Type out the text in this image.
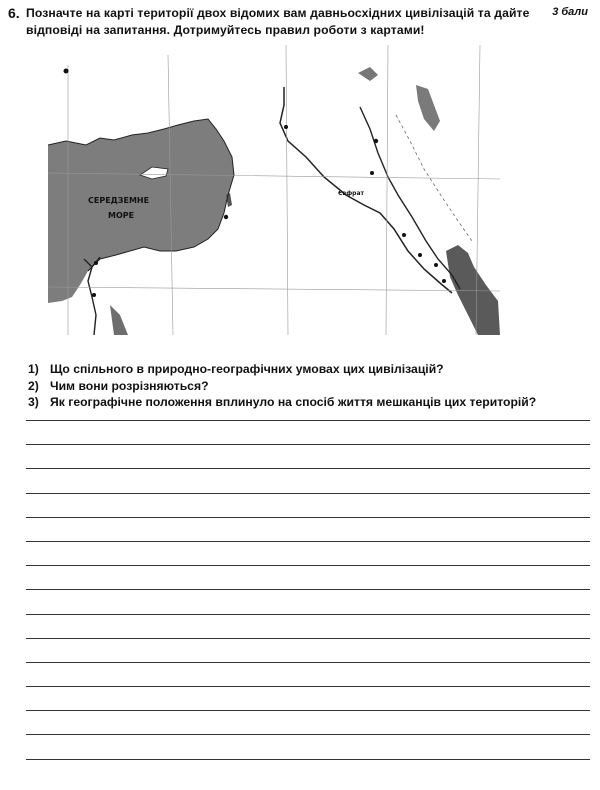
6. Позначте на карті території двох відомих вам давньосхідних цивілізацій та дайте відповіді на запитання. Дотримуйтесь правил роботи з картами!
3 бали
СЕРЕДЗЕМНЕ
МОРЕ
Євфрат
1) Що спільного в природно-географічних умовах цих цивілізацій?
2) Чим вони розрізняються?
3) Як географічне положення вплинуло на спосіб життя мешканців цих територій?
